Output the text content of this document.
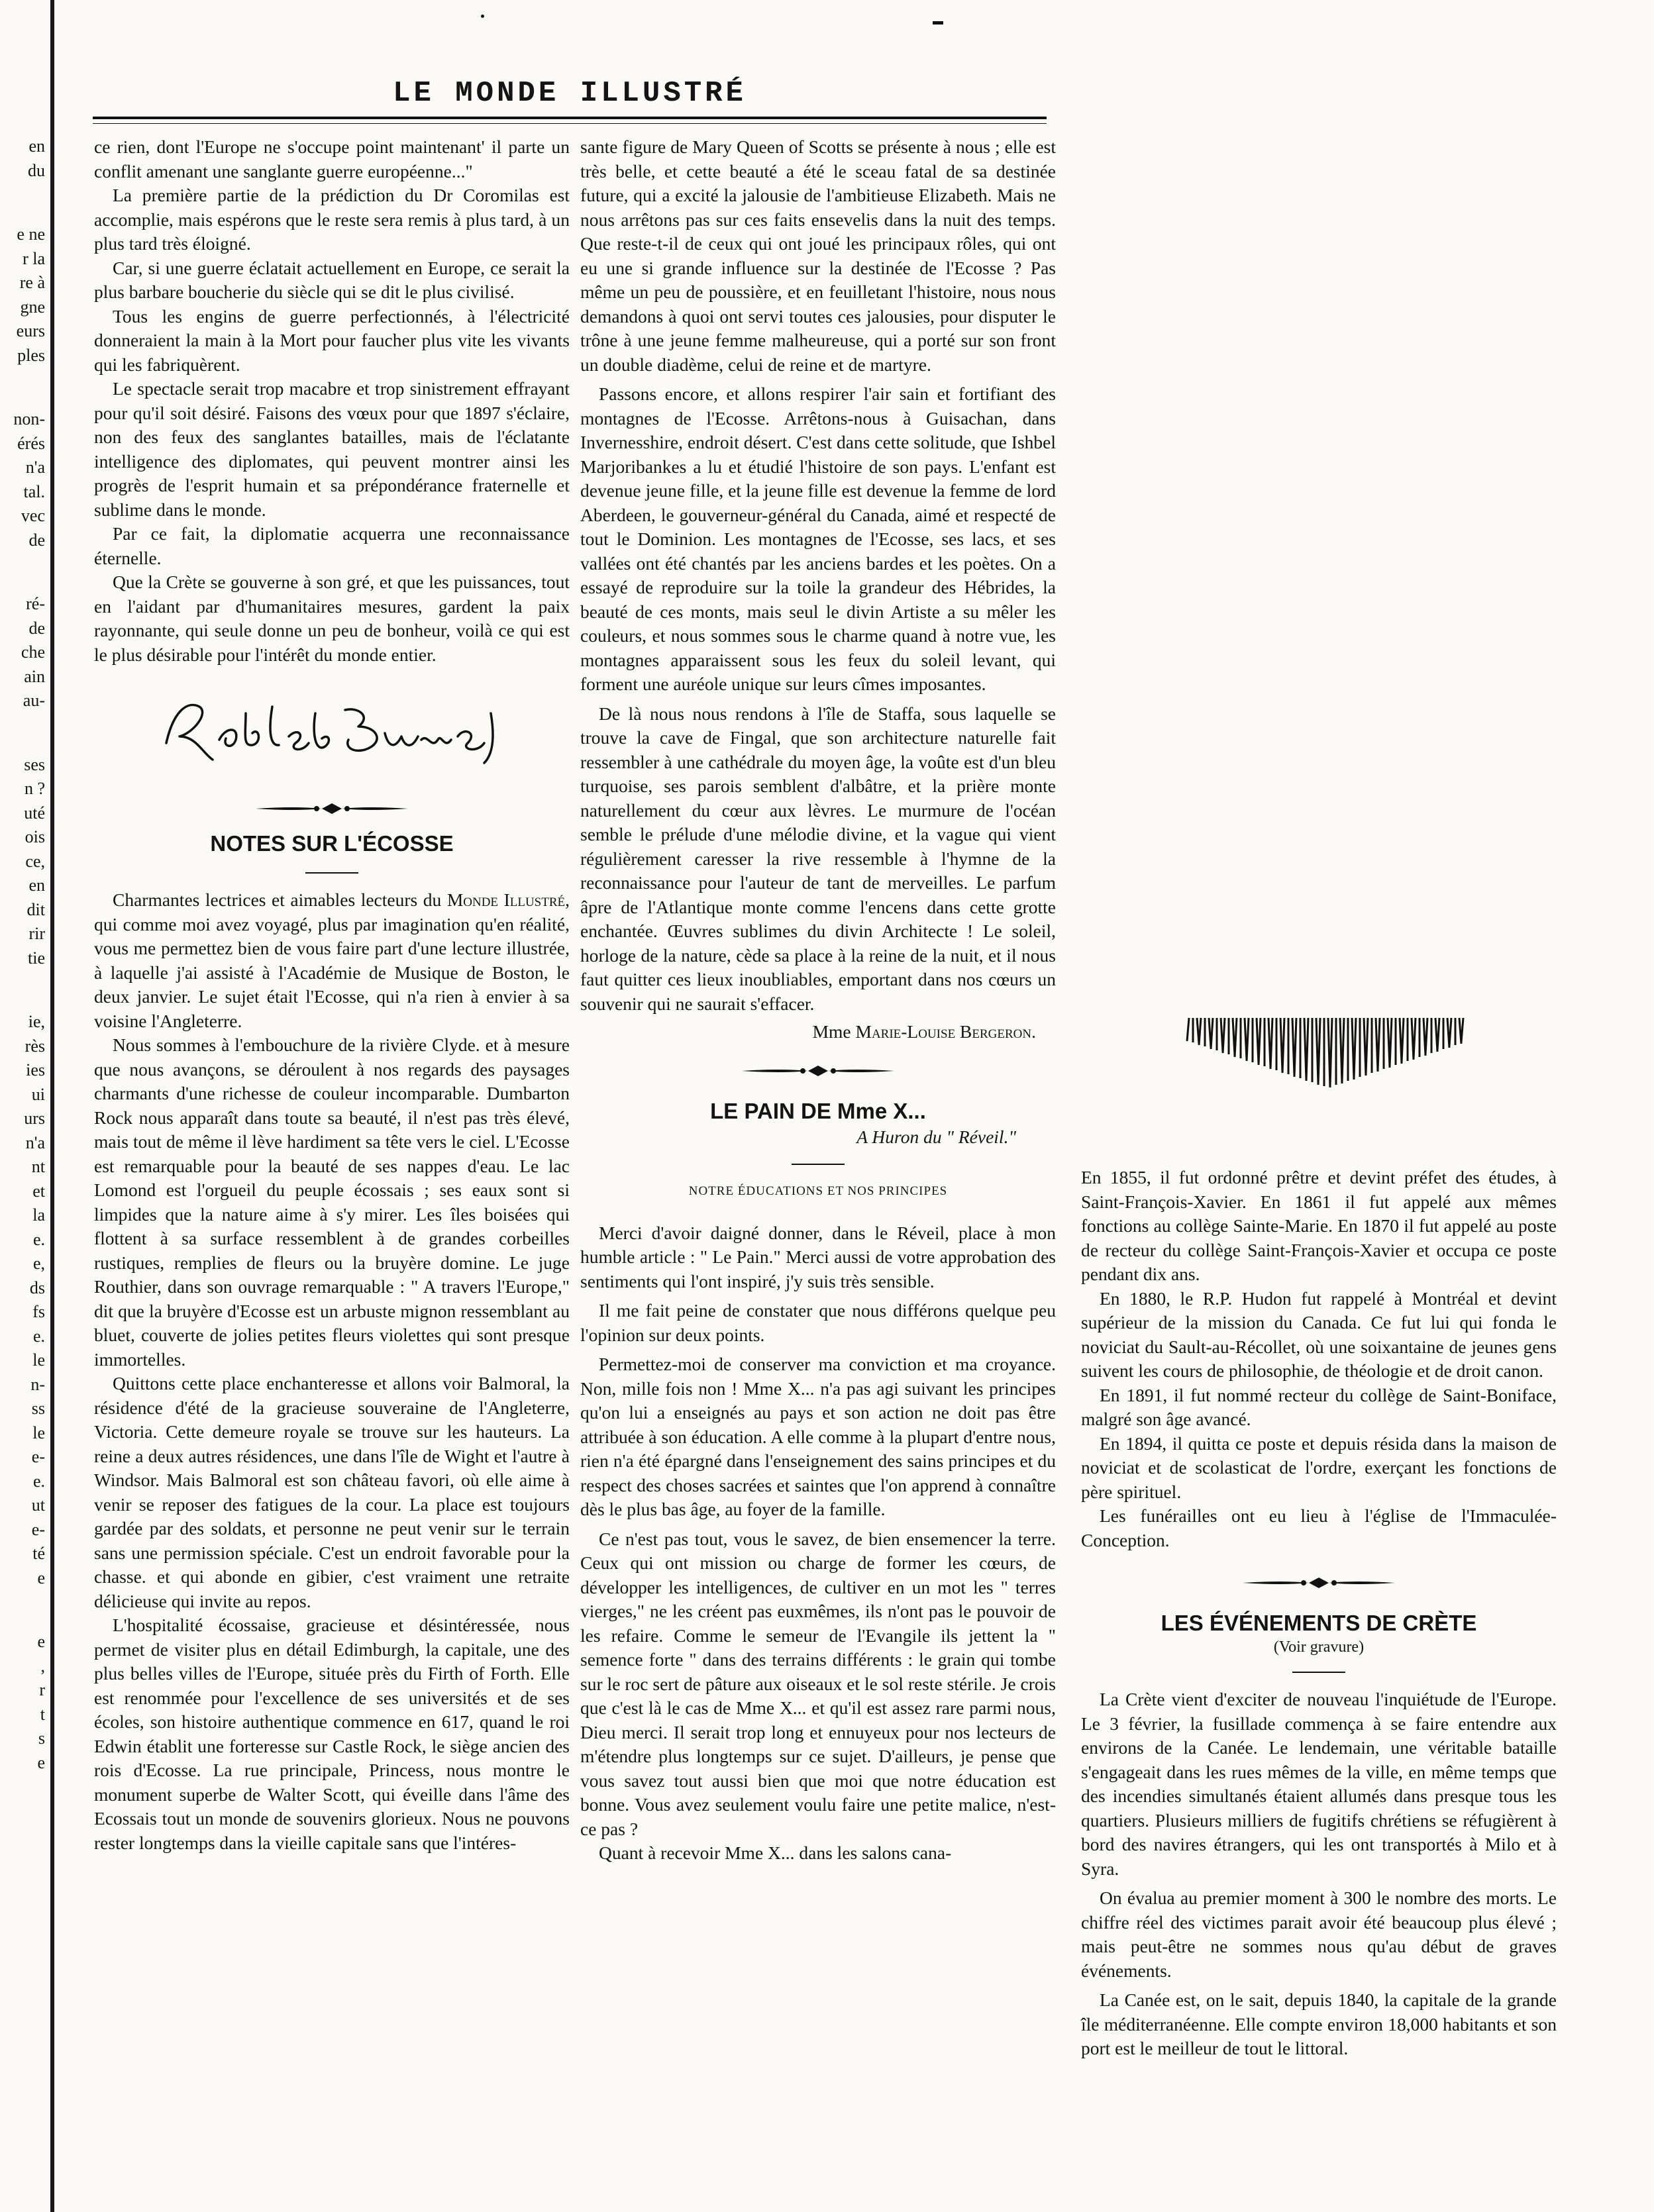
en

du

e ne

r la

re à

gne

eurs

ples

non-

érés

n'a

tal.

vec

de

ré-

de

che

ain

au-

ses

n ?

uté

ois

ce,

en

dit

rir

tie

ie,

rès

ies

ui

urs

n'a

nt

et

la

e.

e,

ds

fs

e.

le

n-

ss

le

e-

e.

ut

e-

té

e

e

,

r

t

s

e

LE MONDE ILLUSTRÉ

ce rien, dont l'Europe ne s'occupe point maintenant' il parte un conflit amenant une sanglante guerre européenne..."

La première partie de la prédiction du Dr Coromilas est accomplie, mais espérons que le reste sera remis à plus tard, à un plus tard très éloigné.

Car, si une guerre éclatait actuellement en Europe, ce serait la plus barbare boucherie du siècle qui se dit le plus civilisé.

Tous les engins de guerre perfectionnés, à l'électricité donneraient la main à la Mort pour faucher plus vite les vivants qui les fabriquèrent.

Le spectacle serait trop macabre et trop sinistrement effrayant pour qu'il soit désiré. Faisons des vœux pour que 1897 s'éclaire, non des feux des sanglantes batailles, mais de l'éclatante intelligence des diplomates, qui peuvent montrer ainsi les progrès de l'esprit humain et sa prépondérance fraternelle et sublime dans le monde.

Par ce fait, la diplomatie acquerra une reconnaissance éternelle.

Que la Crète se gouverne à son gré, et que les puissances, tout en l'aidant par d'humanitaires mesures, gardent la paix rayonnante, qui seule donne un peu de bonheur, voilà ce qui est le plus désirable pour l'intérêt du monde entier.

NOTES SUR L'ÉCOSSE

Charmantes lectrices et aimables lecteurs du Monde Illustré, qui comme moi avez voyagé, plus par imagination qu'en réalité, vous me permettez bien de vous faire part d'une lecture illustrée, à laquelle j'ai assisté à l'Académie de Musique de Boston, le deux janvier. Le sujet était l'Ecosse, qui n'a rien à envier à sa voisine l'Angleterre.

Nous sommes à l'embouchure de la rivière Clyde. et à mesure que nous avançons, se déroulent à nos regards des paysages charmants d'une richesse de couleur incomparable. Dumbarton Rock nous apparaît dans toute sa beauté, il n'est pas très élevé, mais tout de même il lève hardiment sa tête vers le ciel. L'Ecosse est remarquable pour la beauté de ses nappes d'eau. Le lac Lomond est l'orgueil du peuple écossais ; ses eaux sont si limpides que la nature aime à s'y mirer. Les îles boisées qui flottent à sa surface ressemblent à de grandes corbeilles rustiques, remplies de fleurs ou la bruyère domine. Le juge Routhier, dans son ouvrage remarquable : " A travers l'Europe," dit que la bruyère d'Ecosse est un arbuste mignon ressemblant au bluet, couverte de jolies petites fleurs violettes qui sont presque immortelles.

Quittons cette place enchanteresse et allons voir Balmoral, la résidence d'été de la gracieuse souveraine de l'Angleterre, Victoria. Cette demeure royale se trouve sur les hauteurs. La reine a deux autres résidences, une dans l'île de Wight et l'autre à Windsor. Mais Balmoral est son château favori, où elle aime à venir se reposer des fatigues de la cour. La place est toujours gardée par des soldats, et personne ne peut venir sur le terrain sans une permission spéciale. C'est un endroit favorable pour la chasse. et qui abonde en gibier, c'est vraiment une retraite délicieuse qui invite au repos.

L'hospitalité écossaise, gracieuse et désintéressée, nous permet de visiter plus en détail Edimburgh, la capitale, une des plus belles villes de l'Europe, située près du Firth of Forth. Elle est renommée pour l'excellence de ses universités et de ses écoles, son histoire authentique commence en 617, quand le roi Edwin établit une forteresse sur Castle Rock, le siège ancien des rois d'Ecosse. La rue principale, Princess, nous montre le monument superbe de Walter Scott, qui éveille dans l'âme des Ecossais tout un monde de souvenirs glorieux. Nous ne pouvons rester longtemps dans la vieille capitale sans que l'intéres-

sante figure de Mary Queen of Scotts se présente à nous ; elle est très belle, et cette beauté a été le sceau fatal de sa destinée future, qui a excité la jalousie de l'ambitieuse Elizabeth. Mais ne nous arrêtons pas sur ces faits ensevelis dans la nuit des temps. Que reste-t-il de ceux qui ont joué les principaux rôles, qui ont eu une si grande influence sur la destinée de l'Ecosse ? Pas même un peu de poussière, et en feuilletant l'histoire, nous nous demandons à quoi ont servi toutes ces jalousies, pour disputer le trône à une jeune femme malheureuse, qui a porté sur son front un double diadème, celui de reine et de martyre.

Passons encore, et allons respirer l'air sain et fortifiant des montagnes de l'Ecosse. Arrêtons-nous à Guisachan, dans Invernesshire, endroit désert. C'est dans cette solitude, que Ishbel Marjoribankes a lu et étudié l'histoire de son pays. L'enfant est devenue jeune fille, et la jeune fille est devenue la femme de lord Aberdeen, le gouverneur-général du Canada, aimé et respecté de tout le Dominion. Les montagnes de l'Ecosse, ses lacs, et ses vallées ont été chantés par les anciens bardes et les poètes. On a essayé de reproduire sur la toile la grandeur des Hébrides, la beauté de ces monts, mais seul le divin Artiste a su mêler les couleurs, et nous sommes sous le charme quand à notre vue, les montagnes apparaissent sous les feux du soleil levant, qui forment une auréole unique sur leurs cîmes imposantes.

De là nous nous rendons à l'île de Staffa, sous laquelle se trouve la cave de Fingal, que son architecture naturelle fait ressembler à une cathédrale du moyen âge, la voûte est d'un bleu turquoise, ses parois semblent d'albâtre, et la prière monte naturellement du cœur aux lèvres. Le murmure de l'océan semble le prélude d'une mélodie divine, et la vague qui vient régulièrement caresser la rive ressemble à l'hymne de la reconnaissance pour l'auteur de tant de merveilles. Le parfum âpre de l'Atlantique monte comme l'encens dans cette grotte enchantée. Œuvres sublimes du divin Architecte ! Le soleil, horloge de la nature, cède sa place à la reine de la nuit, et il nous faut quitter ces lieux inoubliables, emportant dans nos cœurs un souvenir qui ne saurait s'effacer.

Mme Marie-Louise Bergeron.

LE PAIN DE Mme X...
A Huron du " Réveil."
NOTRE ÉDUCATIONS ET NOS PRINCIPES

Merci d'avoir daigné donner, dans le Réveil, place à mon humble article : " Le Pain." Merci aussi de votre approbation des sentiments qui l'ont inspiré, j'y suis très sensible.

Il me fait peine de constater que nous différons quelque peu l'opinion sur deux points.

Permettez-moi de conserver ma conviction et ma croyance. Non, mille fois non ! Mme X... n'a pas agi suivant les principes qu'on lui a enseignés au pays et son action ne doit pas être attribuée à son éducation. A elle comme à la plupart d'entre nous, rien n'a été épargné dans l'enseignement des sains principes et du respect des choses sacrées et saintes que l'on apprend à connaître dès le plus bas âge, au foyer de la famille.

Ce n'est pas tout, vous le savez, de bien ensemencer la terre. Ceux qui ont mission ou charge de former les cœurs, de développer les intelligences, de cultiver en un mot les " terres vierges," ne les créent pas euxmêmes, ils n'ont pas le pouvoir de les refaire. Comme le semeur de l'Evangile ils jettent la " semence forte " dans des terrains différents : le grain qui tombe sur le roc sert de pâture aux oiseaux et le sol reste stérile. Je crois que c'est là le cas de Mme X... et qu'il est assez rare parmi nous, Dieu merci. Il serait trop long et ennuyeux pour nos lecteurs de m'étendre plus longtemps sur ce sujet. D'ailleurs, je pense que vous savez tout aussi bien que moi que notre éducation est bonne. Vous avez seulement voulu faire une petite malice, n'est-ce pas ?

Quant à recevoir Mme X... dans les salons cana-

En 1855, il fut ordonné prêtre et devint préfet des études, à Saint-François-Xavier. En 1861 il fut appelé aux mêmes fonctions au collège Sainte-Marie. En 1870 il fut appelé au poste de recteur du collège Saint-François-Xavier et occupa ce poste pendant dix ans.

En 1880, le R.P. Hudon fut rappelé à Montréal et devint supérieur de la mission du Canada. Ce fut lui qui fonda le noviciat du Sault-au-Récollet, où une soixantaine de jeunes gens suivent les cours de philosophie, de théologie et de droit canon.

En 1891, il fut nommé recteur du collège de Saint-Boniface, malgré son âge avancé.

En 1894, il quitta ce poste et depuis résida dans la maison de noviciat et de scolasticat de l'ordre, exerçant les fonctions de père spirituel.

Les funérailles ont eu lieu à l'église de l'Immaculée-Conception.

LES ÉVÉNEMENTS DE CRÈTE
(Voir gravure)

La Crète vient d'exciter de nouveau l'inquiétude de l'Europe. Le 3 février, la fusillade commença à se faire entendre aux environs de la Canée. Le lendemain, une véritable bataille s'engageait dans les rues mêmes de la ville, en même temps que des incendies simultanés étaient allumés dans presque tous les quartiers. Plusieurs milliers de fugitifs chrétiens se réfugièrent à bord des navires étrangers, qui les ont transportés à Milo et à Syra.

On évalua au premier moment à 300 le nombre des morts. Le chiffre réel des victimes parait avoir été beaucoup plus élevé ; mais peut-être ne sommes nous qu'au début de graves événements.

La Canée est, on le sait, depuis 1840, la capitale de la grande île méditerranéenne. Elle compte environ 18,000 habitants et son port est le meilleur de tout le littoral.
